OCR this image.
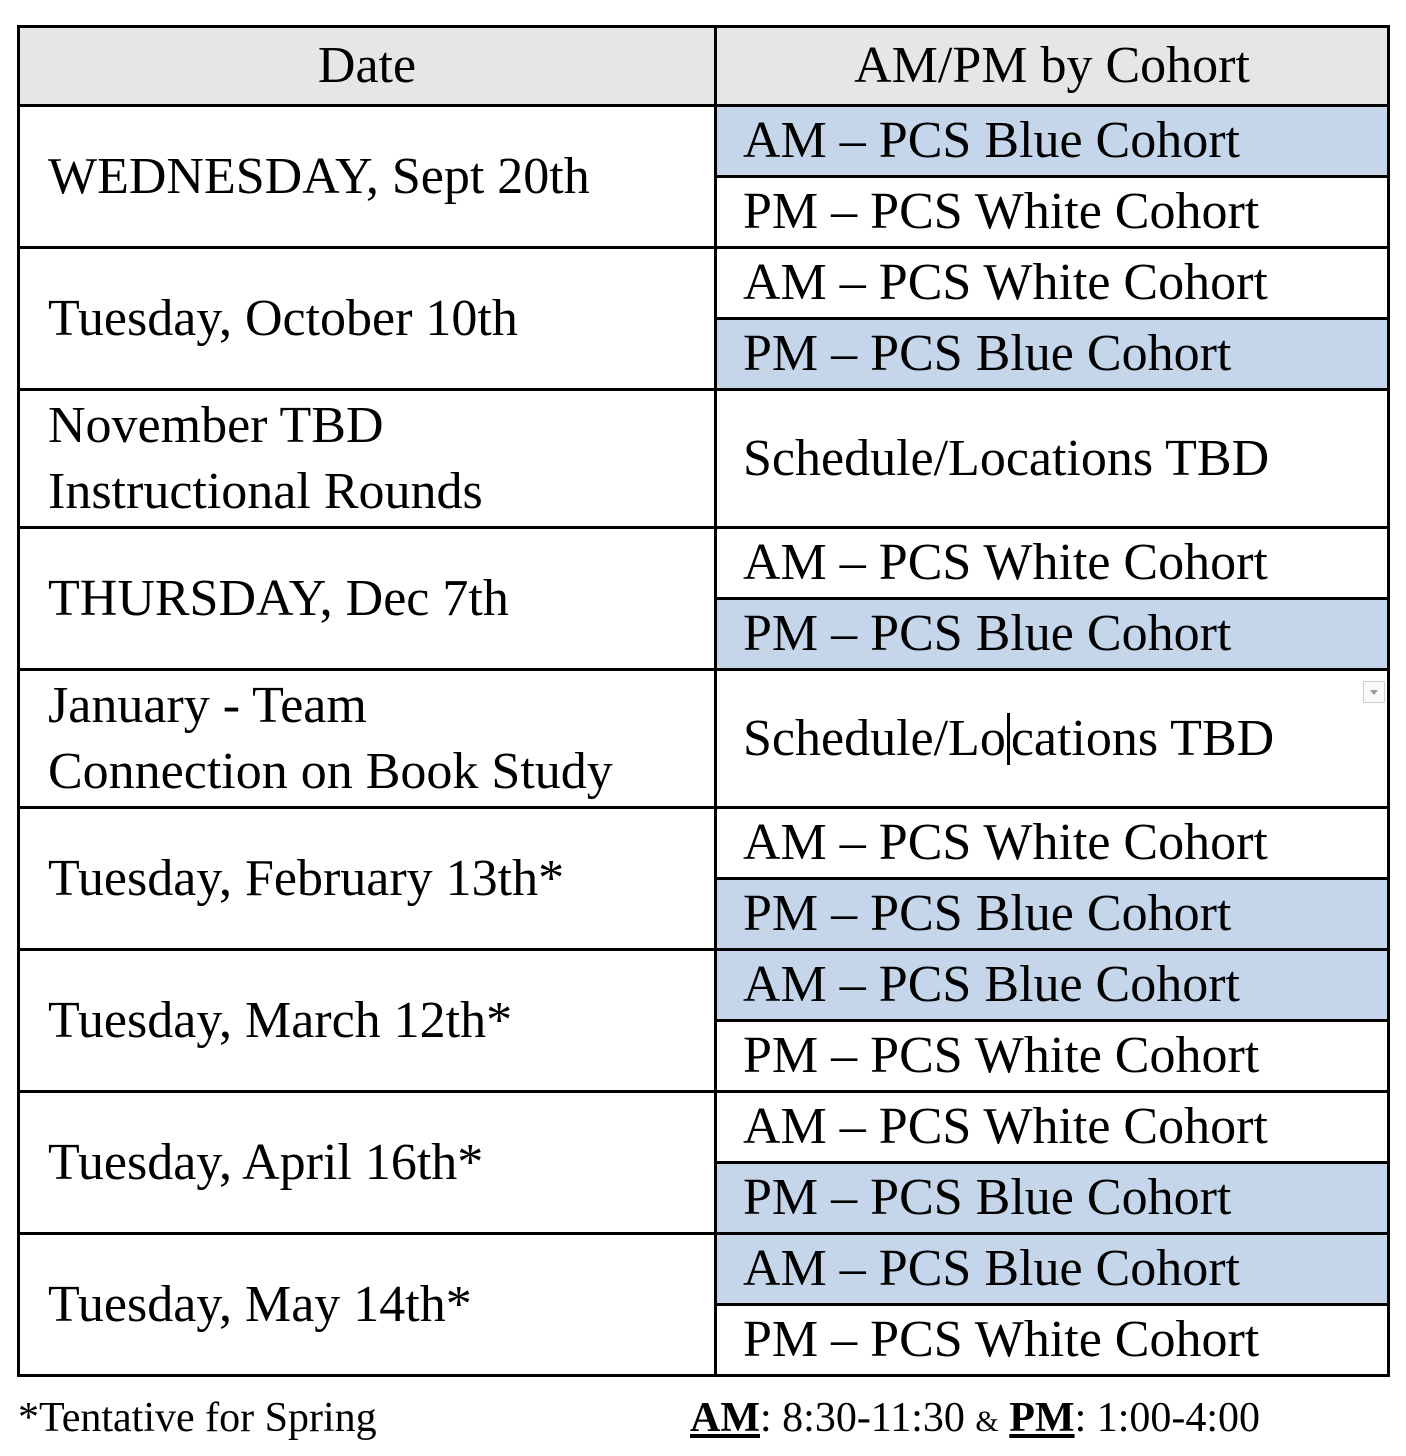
Date	AM/PM by Cohort

WEDNESDAY, Sept 20th	AM – PCS Blue Cohort
	PM – PCS White Cohort

Tuesday, October 10th	AM – PCS White Cohort
	PM – PCS Blue Cohort

November TBD
Instructional Rounds	Schedule/Locations TBD

THURSDAY, Dec 7th	AM – PCS White Cohort
	PM – PCS Blue Cohort

January - Team
Connection on Book Study	Schedule/Locations TBD

Tuesday, February 13th*	AM – PCS White Cohort
	PM – PCS Blue Cohort

Tuesday, March 12th*	AM – PCS Blue Cohort
	PM – PCS White Cohort

Tuesday, April 16th*	AM – PCS White Cohort
	PM – PCS Blue Cohort

Tuesday, May 14th*	AM – PCS Blue Cohort
	PM – PCS White Cohort
*Tentative for Spring	AM: 8:30-11:30 & PM: 1:00-4:00
